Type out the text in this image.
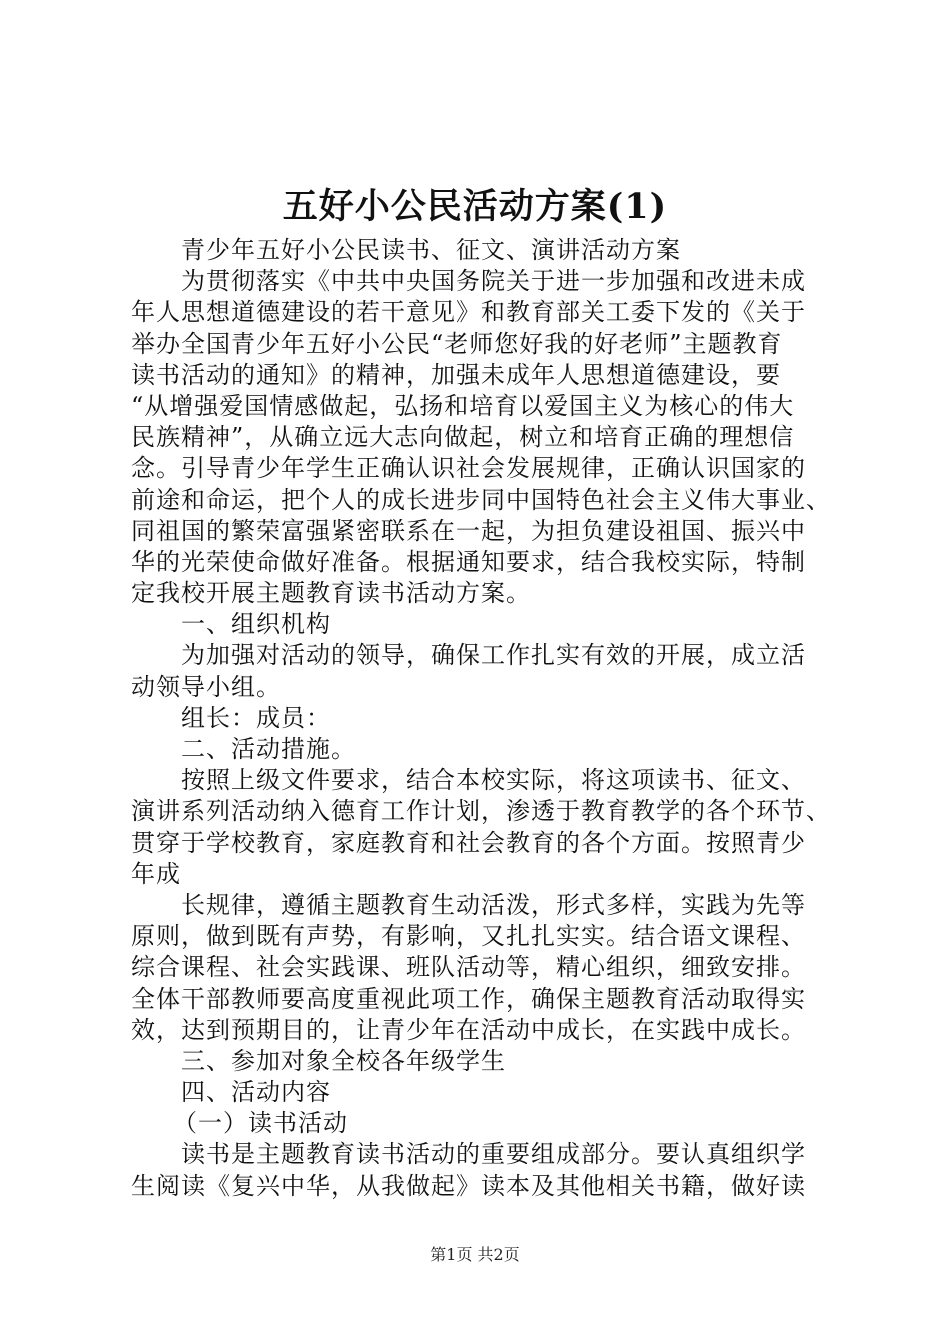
五好小公民活动方案(1)
青少年五好小公民读书、征文、演讲活动方案
为贯彻落实《中共中央国务院关于进一步加强和改进未成
年人思想道德建设的若干意见》和教育部关工委下发的《关于
举办全国青少年五好小公民“老师您好我的好老师”主题教育
读书活动的通知》的精神，加强未成年人思想道德建设，要
“从增强爱国情感做起，弘扬和培育以爱国主义为核心的伟大
民族精神”，从确立远大志向做起，树立和培育正确的理想信
念。引导青少年学生正确认识社会发展规律，正确认识国家的
前途和命运，把个人的成长进步同中国特色社会主义伟大事业、
同祖国的繁荣富强紧密联系在一起，为担负建设祖国、振兴中
华的光荣使命做好准备。根据通知要求，结合我校实际，特制
定我校开展主题教育读书活动方案。
一、组织机构
为加强对活动的领导，确保工作扎实有效的开展，成立活
动领导小组。
组长：成员：
二、活动措施。
按照上级文件要求，结合本校实际，将这项读书、征文、
演讲系列活动纳入德育工作计划，渗透于教育教学的各个环节、
贯穿于学校教育，家庭教育和社会教育的各个方面。按照青少
年成
长规律，遵循主题教育生动活泼，形式多样，实践为先等
原则，做到既有声势，有影响，又扎扎实实。结合语文课程、
综合课程、社会实践课、班队活动等，精心组织，细致安排。
全体干部教师要高度重视此项工作，确保主题教育活动取得实
效，达到预期目的，让青少年在活动中成长，在实践中成长。
三、参加对象全校各年级学生
四、活动内容
（一）读书活动
读书是主题教育读书活动的重要组成部分。要认真组织学
生阅读《复兴中华，从我做起》读本及其他相关书籍，做好读
第1页 共2页
